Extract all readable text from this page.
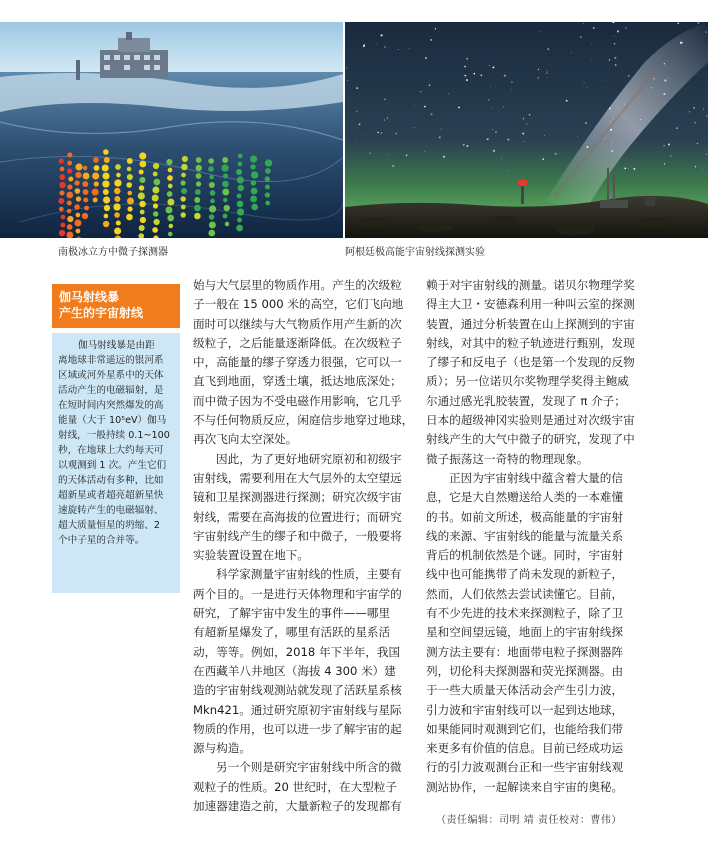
南极冰立方中微子探测器	阿根廷极高能宇宙射线探测实验
伽马射线暴
产生的宇宙射线
伽马射线暴是由距
离地球非常遥远的银河系
区域或河外星系中的天体
活动产生的电磁辐射，是
在短时间内突然爆发的高
能量（大于 10⁵eV）伽马
射线，一般持续 0.1~100
秒，在地球上大约每天可
以观测到 1 次。产生它们
的天体活动有多种，比如
超新星或者超亮超新星快
速旋转产生的电磁辐射、
超大质量恒星的坍缩、2
个中子星的合并等。
始与大气层里的物质作用。产生的次级粒
子一般在 15 000 米的高空，它们飞向地
面时可以继续与大气物质作用产生新的次
级粒子，之后能量逐渐降低。在次级粒子
中，高能量的缪子穿透力很强，它可以一
直飞到地面，穿透土壤，抵达地底深处；
而中微子因为不受电磁作用影响，它几乎
不与任何物质反应，闲庭信步地穿过地球，
再次飞向太空深处。
因此，为了更好地研究原初和初级宇
宙射线，需要利用在大气层外的太空望远
镜和卫星探测器进行探测；研究次级宇宙
射线，需要在高海拔的位置进行；而研究
宇宙射线产生的缪子和中微子，一般要将
实验装置设置在地下。
科学家测量宇宙射线的性质，主要有
两个目的。一是进行天体物理和宇宙学的
研究，了解宇宙中发生的事件——哪里
有超新星爆发了，哪里有活跃的星系活
动，等等。例如，2018 年下半年，我国
在西藏羊八井地区（海拔 4 300 米）建
造的宇宙射线观测站就发现了活跃星系核
Mkn421。通过研究原初宇宙射线与星际
物质的作用，也可以进一步了解宇宙的起
源与构造。
另一个则是研究宇宙射线中所含的微
观粒子的性质。20 世纪时，在大型粒子
加速器建造之前，大量新粒子的发现都有
赖于对宇宙射线的测量。诺贝尔物理学奖
得主大卫・安德森利用一种叫云室的探测
装置，通过分析装置在山上探测到的宇宙
射线，对其中的粒子轨迹进行甄别，发现
了缪子和反电子（也是第一个发现的反物
质）；另一位诺贝尔奖物理学奖得主鲍威
尔通过感光乳胶装置，发现了 π 介子；
日本的超级神冈实验则是通过对次级宇宙
射线产生的大气中微子的研究，发现了中
微子振荡这一奇特的物理现象。
正因为宇宙射线中蕴含着大量的信
息，它是大自然赠送给人类的一本难懂
的书。如前文所述，极高能量的宇宙射
线的来源、宇宙射线的能量与流量关系
背后的机制依然是个谜。同时，宇宙射
线中也可能携带了尚未发现的新粒子，
然而，人们依然去尝试读懂它。目前，
有不少先进的技术来探测粒子，除了卫
星和空间望远镜，地面上的宇宙射线探
测方法主要有：地面带电粒子探测器阵
列，切伦科夫探测器和荧光探测器。由
于一些大质量天体活动会产生引力波，
引力波和宇宙射线可以一起到达地球，
如果能同时观测到它们，也能给我们带
来更多有价值的信息。目前已经成功运
行的引力波观测台正和一些宇宙射线观
测站协作，一起解读来自宇宙的奥秘。
（责任编辑：司明 靖 责任校对：曹伟）
